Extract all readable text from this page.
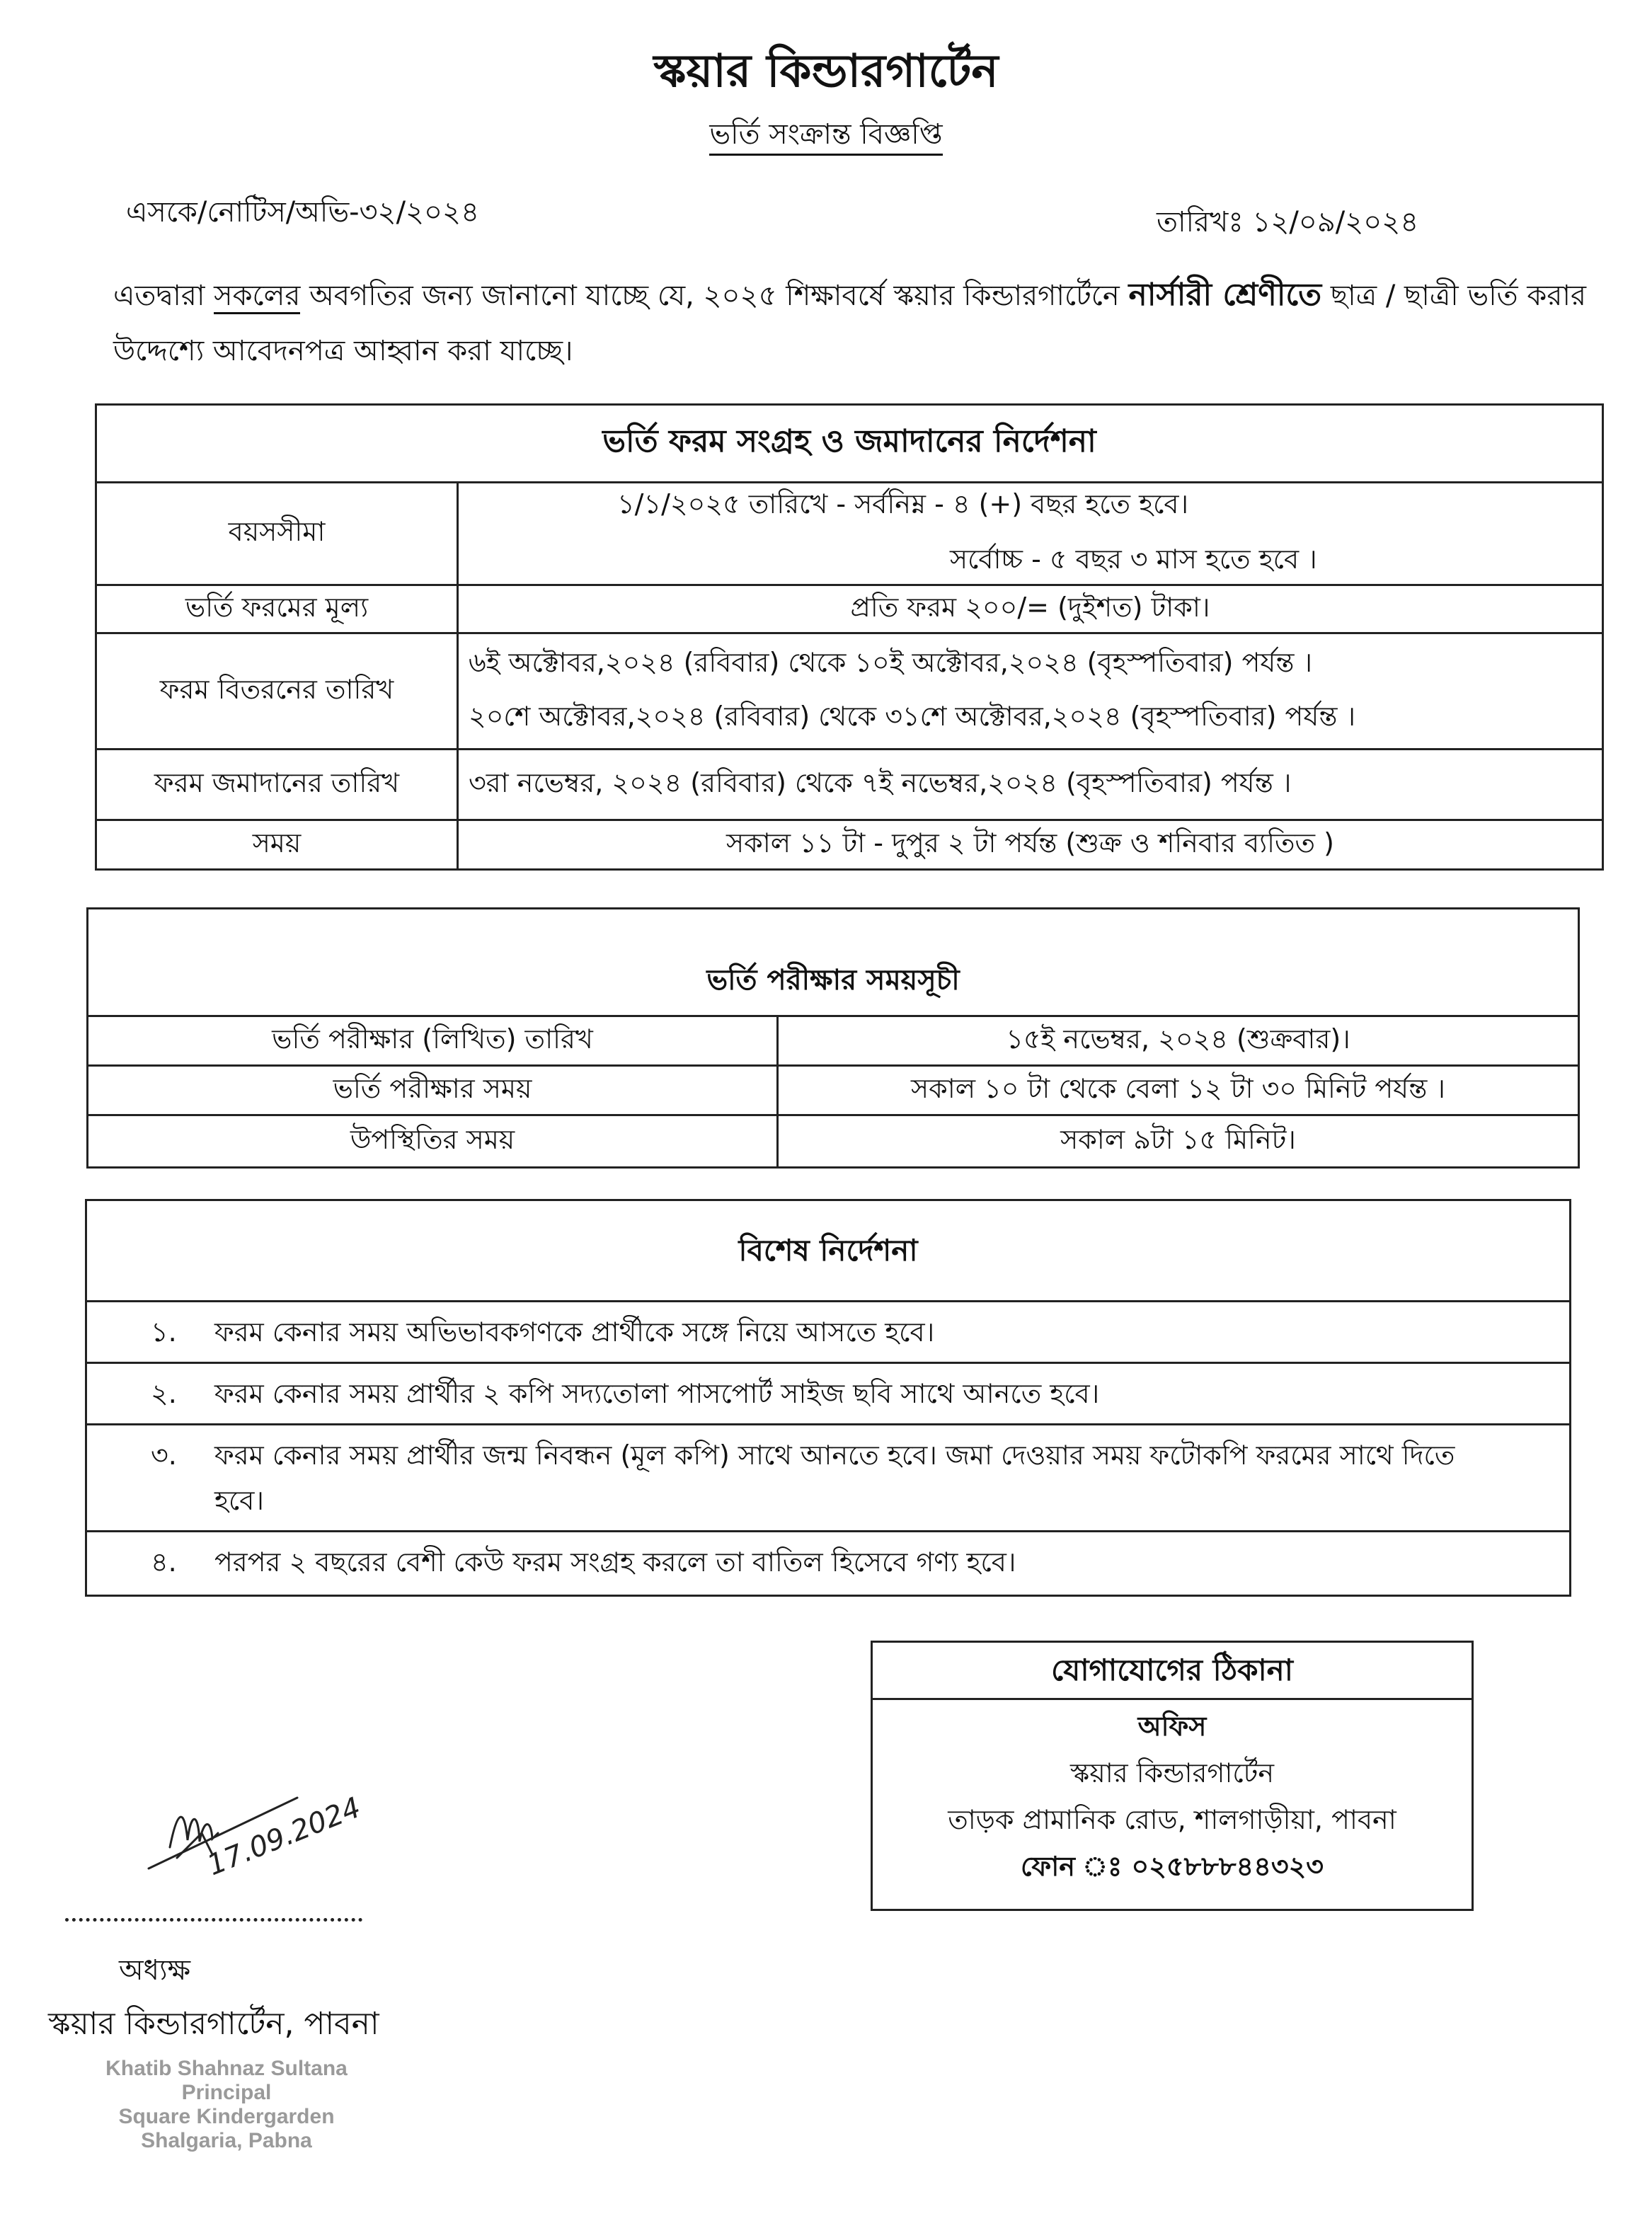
স্কয়ার কিন্ডারগার্টেন
ভর্তি সংক্রান্ত বিজ্ঞপ্তি
এসকে/নোটিস/অভি-৩২/২০২৪	তারিখঃ ১২/০৯/২০২৪
এতদ্বারা সকলের অবগতির জন্য জানানো যাচ্ছে যে, ২০২৫ শিক্ষাবর্ষে স্কয়ার কিন্ডারগার্টেনে নার্সারী শ্রেণীতে ছাত্র / ছাত্রী ভর্তি করার উদ্দেশ্যে আবেদনপত্র আহ্বান করা যাচ্ছে।
ভর্তি ফরম সংগ্রহ ও জমাদানের নির্দেশনা	
বয়সসীমা	১/১/২০২৫ তারিখে - সর্বনিম্ন - ৪ (+) বছর হতে হবে।
সর্বোচ্চ - ৫ বছর ৩ মাস হতে হবে ।

ভর্তি ফরমের মূল্য	প্রতি ফরম ২০০/= (দুইশত) টাকা।
ফরম বিতরনের তারিখ	৬ই অক্টোবর,২০২৪ (রবিবার) থেকে ১০ই অক্টোবর,২০২৪ (বৃহস্পতিবার) পর্যন্ত ।
২০শে অক্টোবর,২০২৪ (রবিবার) থেকে ৩১শে অক্টোবর,২০২৪ (বৃহস্পতিবার) পর্যন্ত ।

ফরম জমাদানের তারিখ	৩রা নভেম্বর, ২০২৪ (রবিবার) থেকে ৭ই নভেম্বর,২০২৪ (বৃহস্পতিবার) পর্যন্ত ।
সময়	সকাল ১১ টা - দুপুর ২ টা পর্যন্ত (শুক্র ও শনিবার ব্যতিত )
ভর্তি পরীক্ষার সময়সূচী	
ভর্তি পরীক্ষার (লিখিত) তারিখ	১৫ই নভেম্বর, ২০২৪ (শুক্রবার)।
ভর্তি পরীক্ষার সময়	সকাল ১০ টা থেকে বেলা ১২ টা ৩০ মিনিট পর্যন্ত ।
উপস্থিতির সময়	সকাল ৯টা ১৫ মিনিট।
বিশেষ নির্দেশনা
১.	ফরম কেনার সময় অভিভাবকগণকে প্রার্থীকে সঙ্গে নিয়ে আসতে হবে।
২.	ফরম কেনার সময় প্রার্থীর ২ কপি সদ্যতোলা পাসপোর্ট সাইজ ছবি সাথে আনতে হবে।
৩.	ফরম কেনার সময় প্রার্থীর জন্ম নিবন্ধন (মূল কপি) সাথে আনতে হবে। জমা দেওয়ার সময় ফটোকপি ফরমের সাথে দিতে হবে।
৪.	পরপর ২ বছরের বেশী কেউ ফরম সংগ্রহ করলে তা বাতিল হিসেবে গণ্য হবে।
যোগাযোগের ঠিকানা
অফিস
স্কয়ার কিন্ডারগার্টেন
তাড়ক প্রামানিক রোড, শালগাড়ীয়া, পাবনা
ফোন ঃ ০২৫৮৮৮৪৪৩২৩
17.09.2024
অধ্যক্ষ
স্কয়ার কিন্ডারগার্টেন, পাবনা
Khatib Shahnaz Sultana
Principal
Square Kindergarden
Shalgaria, Pabna
